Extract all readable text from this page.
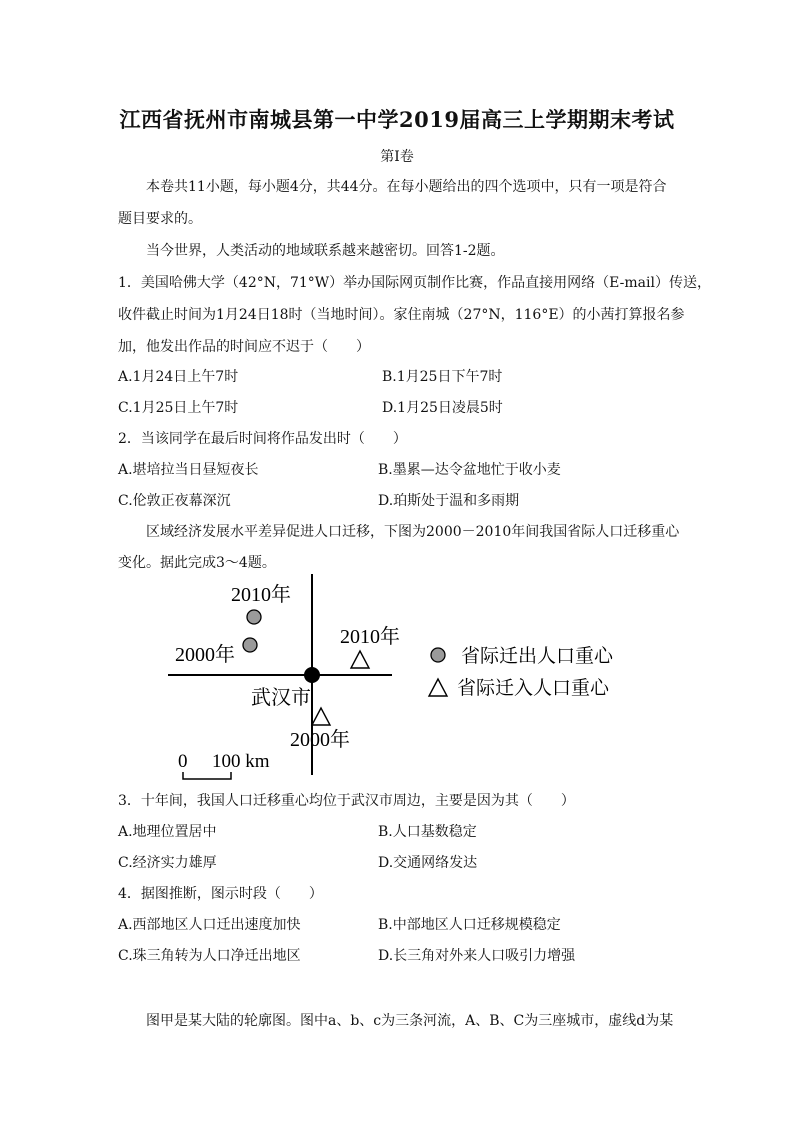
江西省抚州市南城县第一中学2019届高三上学期期末考试
第Ⅰ卷
本卷共11小题，每小题4分，共44分。在每小题给出的四个选项中，只有一项是符合
题目要求的。
当今世界，人类活动的地域联系越来越密切。回答1-2题。
1．美国哈佛大学（42°N，71°W）举办国际网页制作比赛，作品直接用网络（E-mail）传送，
收件截止时间为1月24日18时（当地时间）。家住南城（27°N，116°E）的小茜打算报名参
加，他发出作品的时间应不迟于（　　）
A.1月24日上午7时	B.1月25日下午7时
C.1月25日上午7时	D.1月25日凌晨5时
2．当该同学在最后时间将作品发出时（　　）
A.堪培拉当日昼短夜长	B.墨累—达令盆地忙于收小麦
C.伦敦正夜幕深沉	D.珀斯处于温和多雨期
区域经济发展水平差异促进人口迁移，下图为2000－2010年间我国省际人口迁移重心
变化。据此完成3～4题。
2010年
2000年
2010年
2000年
武汉市
0 100 km
省际迁出人口重心
省际迁入人口重心
3．十年间，我国人口迁移重心均位于武汉市周边，主要是因为其（　　）
A.地理位置居中	B.人口基数稳定
C.经济实力雄厚	D.交通网络发达
4．据图推断，图示时段（　　）
A.西部地区人口迁出速度加快	B.中部地区人口迁移规模稳定
C.珠三角转为人口净迁出地区	D.长三角对外来人口吸引力增强
图甲是某大陆的轮廓图。图中a、b、c为三条河流，A、B、C为三座城市，虚线d为某
